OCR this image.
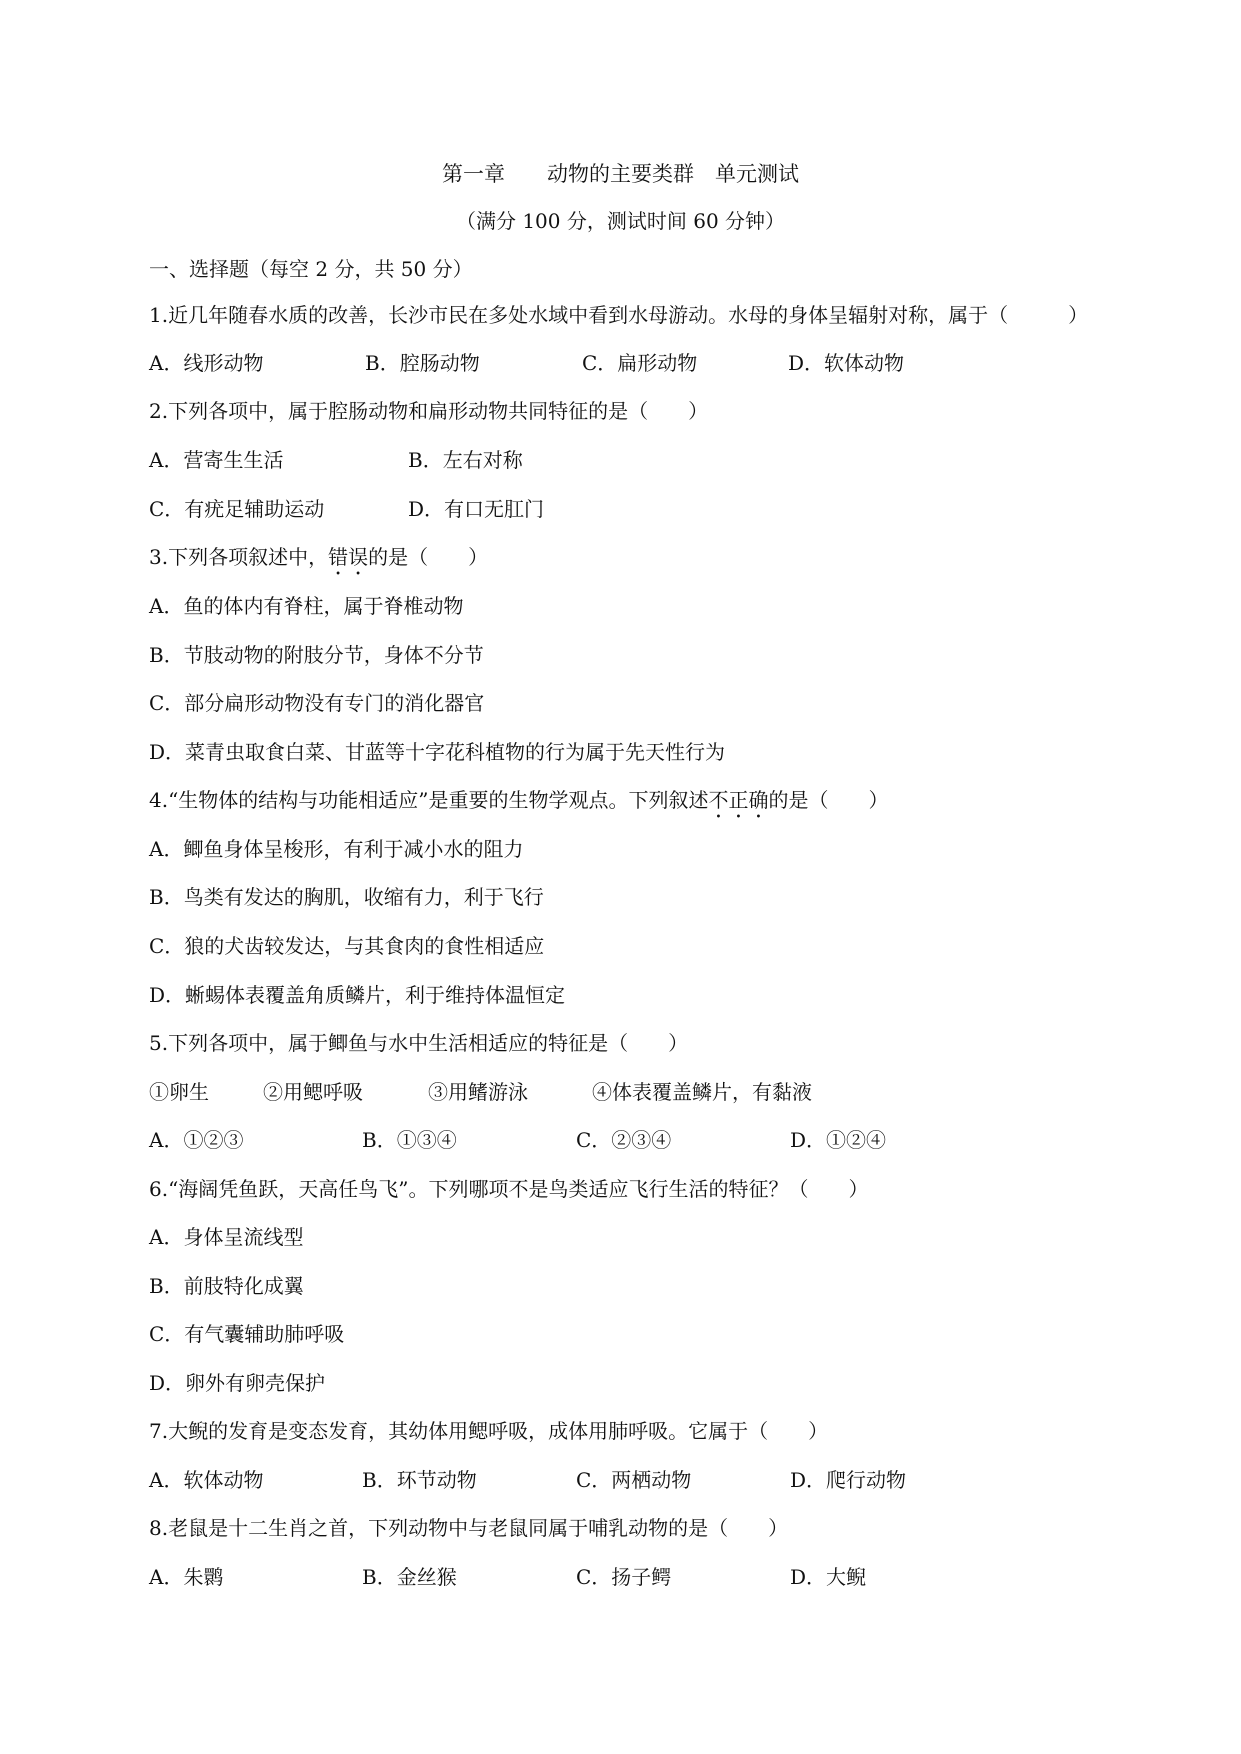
第一章　　动物的主要类群　单元测试
（满分 100 分，测试时间 60 分钟）
一、选择题（每空 2 分，共 50 分）
1.近几年随春水质的改善，长沙市民在多处水域中看到水母游动。水母的身体呈辐射对称，属于（　　　）
A．线形动物	B．腔肠动物	C．扁形动物	D．软体动物
2.下列各项中，属于腔肠动物和扁形动物共同特征的是（　　）
A．营寄生生活	B．左右对称
C．有疣足辅助运动	D．有口无肛门
3.下列各项叙述中，错误的是（　　）
A．鱼的体内有脊柱，属于脊椎动物
B．节肢动物的附肢分节，身体不分节
C．部分扁形动物没有专门的消化器官
D．菜青虫取食白菜、甘蓝等十字花科植物的行为属于先天性行为
4.“生物体的结构与功能相适应”是重要的生物学观点。下列叙述不正确的是（　　）
A．鲫鱼身体呈梭形，有利于减小水的阻力
B．鸟类有发达的胸肌，收缩有力，利于飞行
C．狼的犬齿较发达，与其食肉的食性相适应
D．蜥蜴体表覆盖角质鳞片，利于维持体温恒定
5.下列各项中，属于鲫鱼与水中生活相适应的特征是（　　）
①卵生	②用鳃呼吸	③用鳍游泳	④体表覆盖鳞片，有黏液
A．①②③	B．①③④	C．②③④	D．①②④
6.“海阔凭鱼跃，天高任鸟飞”。下列哪项不是鸟类适应飞行生活的特征？（　　）
A．身体呈流线型
B．前肢特化成翼
C．有气囊辅助肺呼吸
D．卵外有卵壳保护
7.大鲵的发育是变态发育，其幼体用鳃呼吸，成体用肺呼吸。它属于（　　）
A．软体动物	B．环节动物	C．两栖动物	D．爬行动物
8.老鼠是十二生肖之首，下列动物中与老鼠同属于哺乳动物的是（　　）
A．朱鹮	B．金丝猴	C．扬子鳄	D．大鲵
